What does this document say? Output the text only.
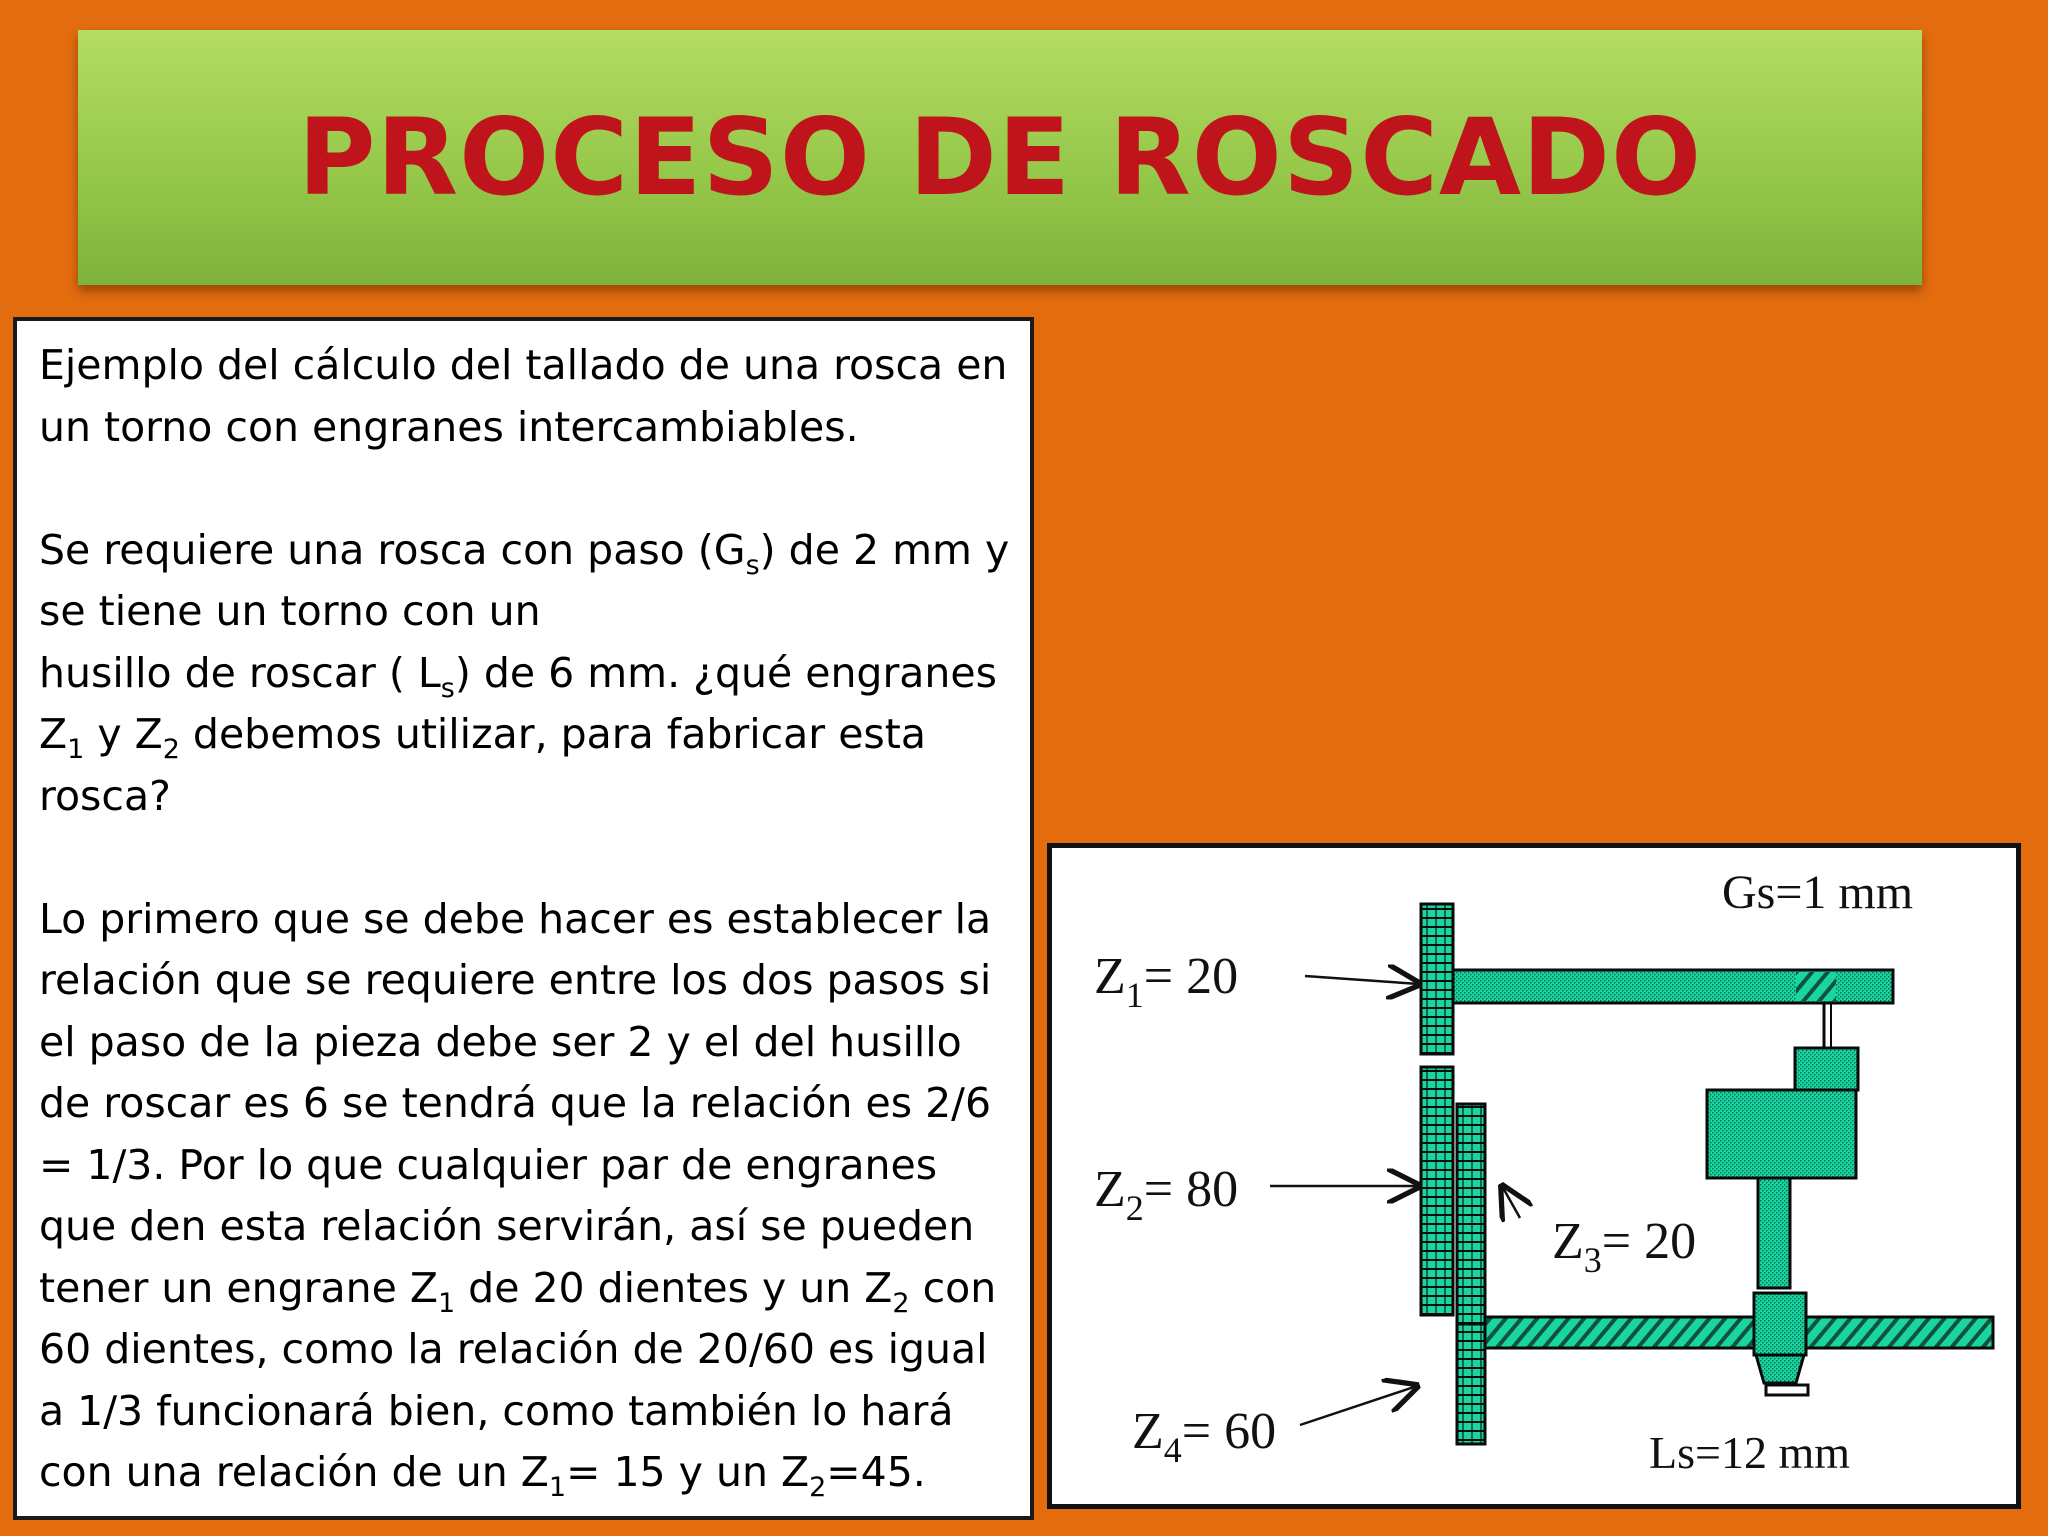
PROCESO DE ROSCADO

Ejemplo del cálculo del tallado de una rosca en un torno con engranes intercambiables.

Se requiere una rosca con paso $(G_s)$ de 2 mm y se tiene un torno con un
husillo de roscar ( $L_s$) de 6 mm. ¿qué engranes $Z_1$ y $Z_2$ debemos utilizar, para fabricar esta rosca?

Lo primero que se debe hacer es establecer la relación que se requiere entre los dos pasos si el paso de la pieza debe ser 2 y el del husillo de roscar es 6 se tendrá que la relación es 2/6 = 1/3. Por lo que cualquier par de engranes que den esta relación servirán, así se pueden tener un engrane $Z_1$ de 20 dientes y un $Z_2$ con 60 dientes, como la relación de 20/60 es igual a 1/3 funcionará bien, como también lo hará con una relación de un $Z_1= 15$ y un $Z_2=45$.

Gs=1 mm
$Z_1= 20$
$Z_2= 80$
$Z_3= 20$
$Z_4= 60$	Ls=12 mm
